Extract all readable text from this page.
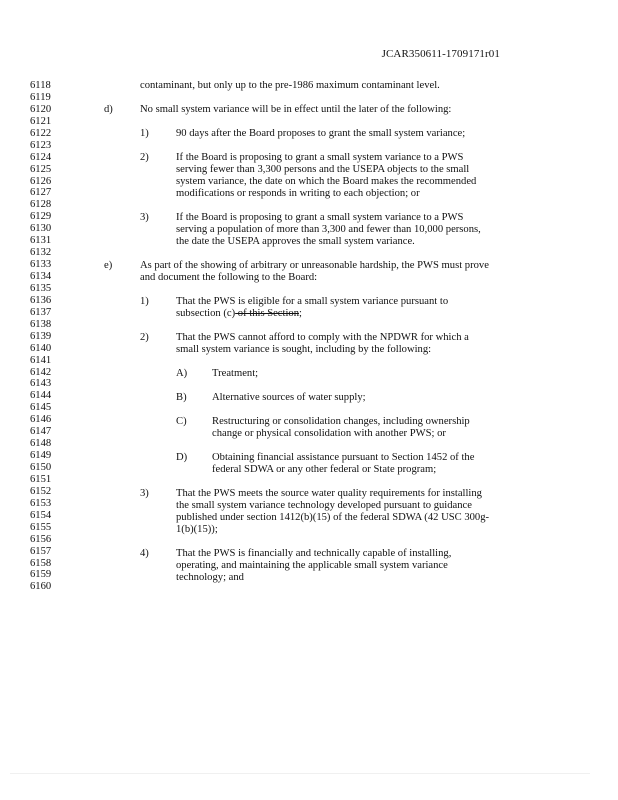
JCAR350611-1709171r01
6118
6119
6120
6121
6122
6123
6124
6125
6126
6127
6128
6129
6130
6131
6132
6133
6134
6135
6136
6137
6138
6139
6140
6141
6142
6143
6144
6145
6146
6147
6148
6149
6150
6151
6152
6153
6154
6155
6156
6157
6158
6159
6160
contaminant, but only up to the pre-1986 maximum contaminant level.
d)	No small system variance will be in effect until the later of the following:
1)	90 days after the Board proposes to grant the small system variance;
2)	If the Board is proposing to grant a small system variance to a PWS
serving fewer than 3,300 persons and the USEPA objects to the small
system variance, the date on which the Board makes the recommended
modifications or responds in writing to each objection; or
3)	If the Board is proposing to grant a small system variance to a PWS
serving a population of more than 3,300 and fewer than 10,000 persons,
the date the USEPA approves the small system variance.
e)	As part of the showing of arbitrary or unreasonable hardship, the PWS must prove
and document the following to the Board:
1)	That the PWS is eligible for a small system variance pursuant to
subsection (c) of this Section;
2)	That the PWS cannot afford to comply with the NPDWR for which a
small system variance is sought, including by the following:
A) Treatment;
B) Alternative sources of water supply;
C) Restructuring or consolidation changes, including ownership
change or physical consolidation with another PWS; or
D) Obtaining financial assistance pursuant to Section 1452 of the
federal SDWA or any other federal or State program;
3)	That the PWS meets the source water quality requirements for installing
the small system variance technology developed pursuant to guidance
published under section 1412(b)(15) of the federal SDWA (42 USC 300g-
1(b)(15));
4)	That the PWS is financially and technically capable of installing,
operating, and maintaining the applicable small system variance
technology; and
